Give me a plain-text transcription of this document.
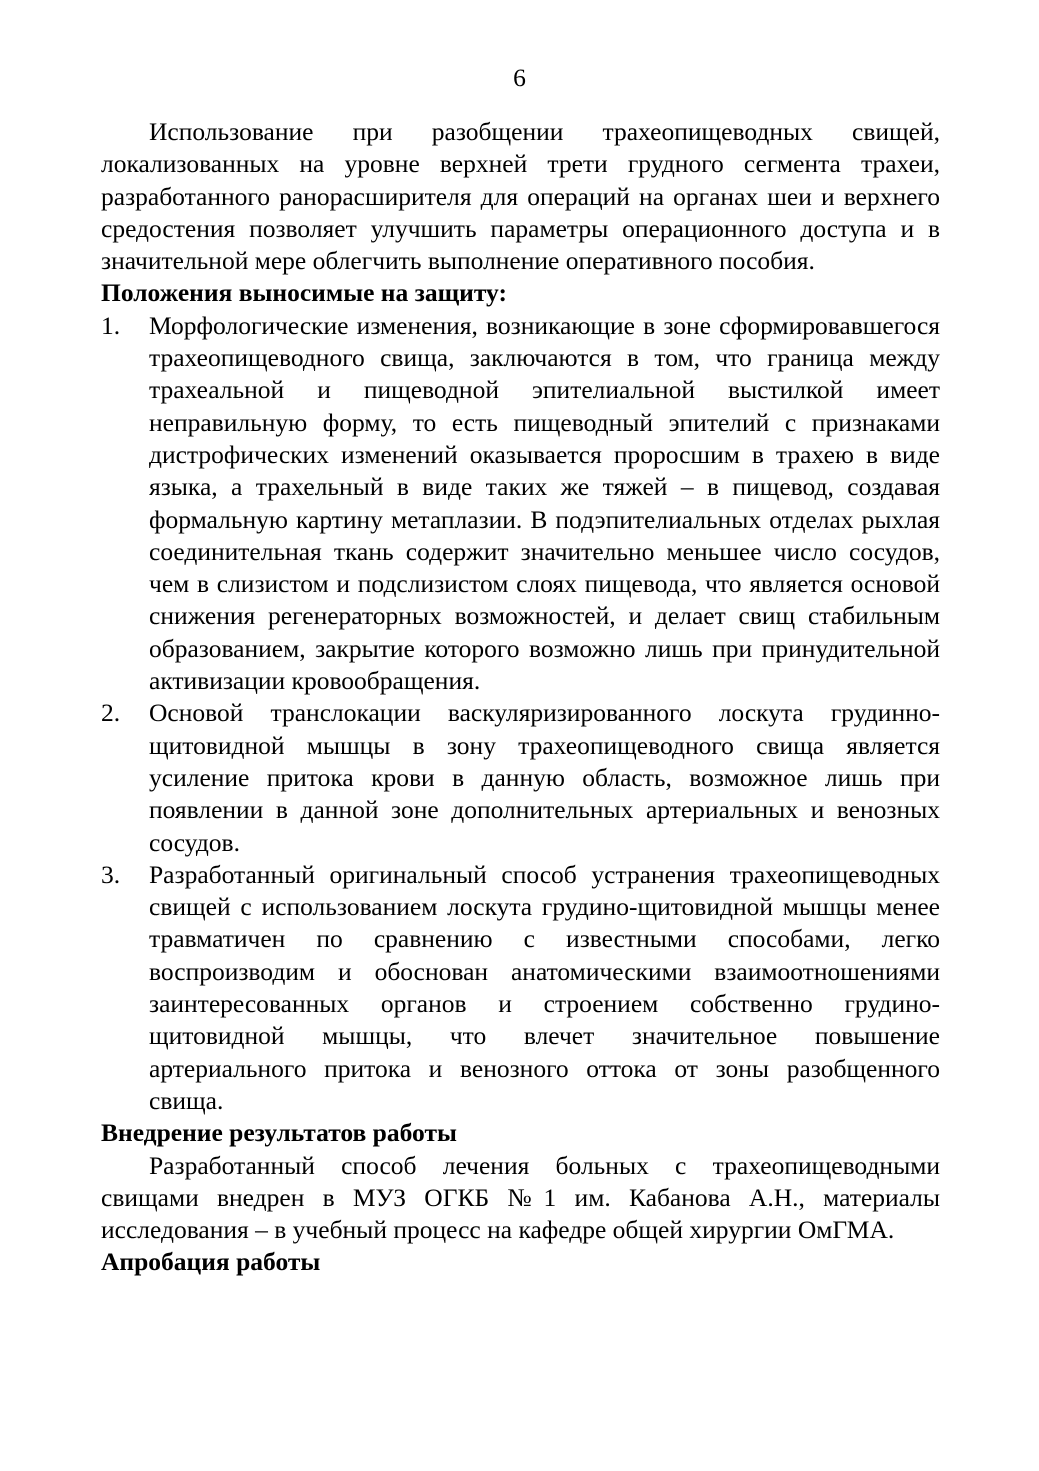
6

Использование при разобщении трахеопищеводных свищей, локализованных на уровне верхней трети грудного сегмента трахеи, разработанного ранорасширителя для операций на органах шеи и верхнего средостения позволяет улучшить параметры операционного доступа и в значительной мере облегчить выполнение оперативного пособия.

Положения выносимые на защиту:
1. Морфологические изменения, возникающие в зоне сформировавшегося трахеопищеводного свища, заключаются в том, что граница между трахеальной и пищеводной эпителиальной выстилкой имеет неправильную форму, то есть пищеводный эпителий с признаками дистрофических изменений оказывается проросшим в трахею в виде языка, а трахельный в виде таких же тяжей – в пищевод, создавая формальную картину метаплазии. В подэпителиальных отделах рыхлая соединительная ткань содержит значительно меньшее число сосудов, чем в слизистом и подслизистом слоях пищевода, что является основой снижения регенераторных возможностей, и делает свищ стабильным образованием, закрытие которого возможно лишь при принудительной активизации кровообращения.
2. Основой транслокации васкуляризированного лоскута грудиннощитовидной мышцы в зону трахеопищеводного свища является усиление притока крови в данную область, возможное лишь при появлении в данной зоне дополнительных артериальных и венозных сосудов.
3. Разработанный оригинальный способ устранения трахеопищеводных свищей с использованием лоскута грудино-щитовидной мышцы менее травматичен по сравнению с известными способами, легко воспроизводим и обоснован анатомическими взаимоотношениями заинтересованных органов и строением собственно грудино-щитовидной мышцы, что влечет значительное повышение артериального притока и венозного оттока от зоны разобщенного свища.
Внедрение результатов работы

Разработанный способ лечения больных с трахеопищеводными свищами внедрен в МУЗ ОГКБ №1 им. Кабанова А.Н., материалы исследования – в учебный процесс на кафедре общей хирургии ОмГМА.

Апробация работы
